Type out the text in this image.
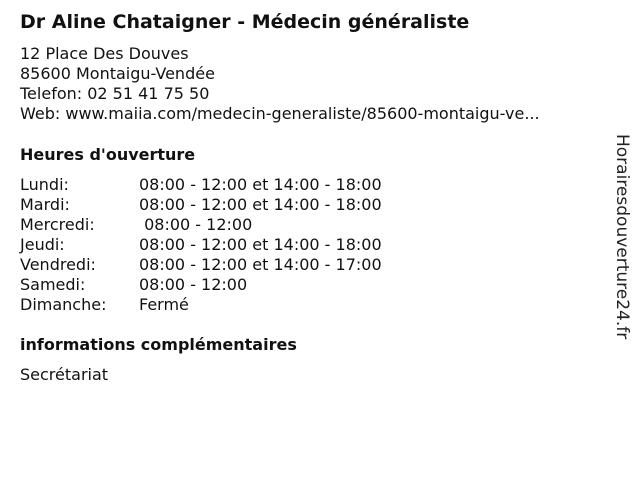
Dr Aline Chataigner - Médecin généraliste
12 Place Des Douves
85600 Montaigu-Vendée
Telefon: 02 51 41 75 50
Web: www.maiia.com/medecin-generaliste/85600-montaigu-ve...
Heures d'ouverture
Lundi:	08:00 - 12:00 et 14:00 - 18:00
Mardi:	08:00 - 12:00 et 14:00 - 18:00
Mercredi:	08:00 - 12:00
Jeudi:	08:00 - 12:00 et 14:00 - 18:00
Vendredi:	08:00 - 12:00 et 14:00 - 17:00
Samedi:	08:00 - 12:00
Dimanche: Fermé
informations complémentaires
Secrétariat
Horairesdouverture24.fr
